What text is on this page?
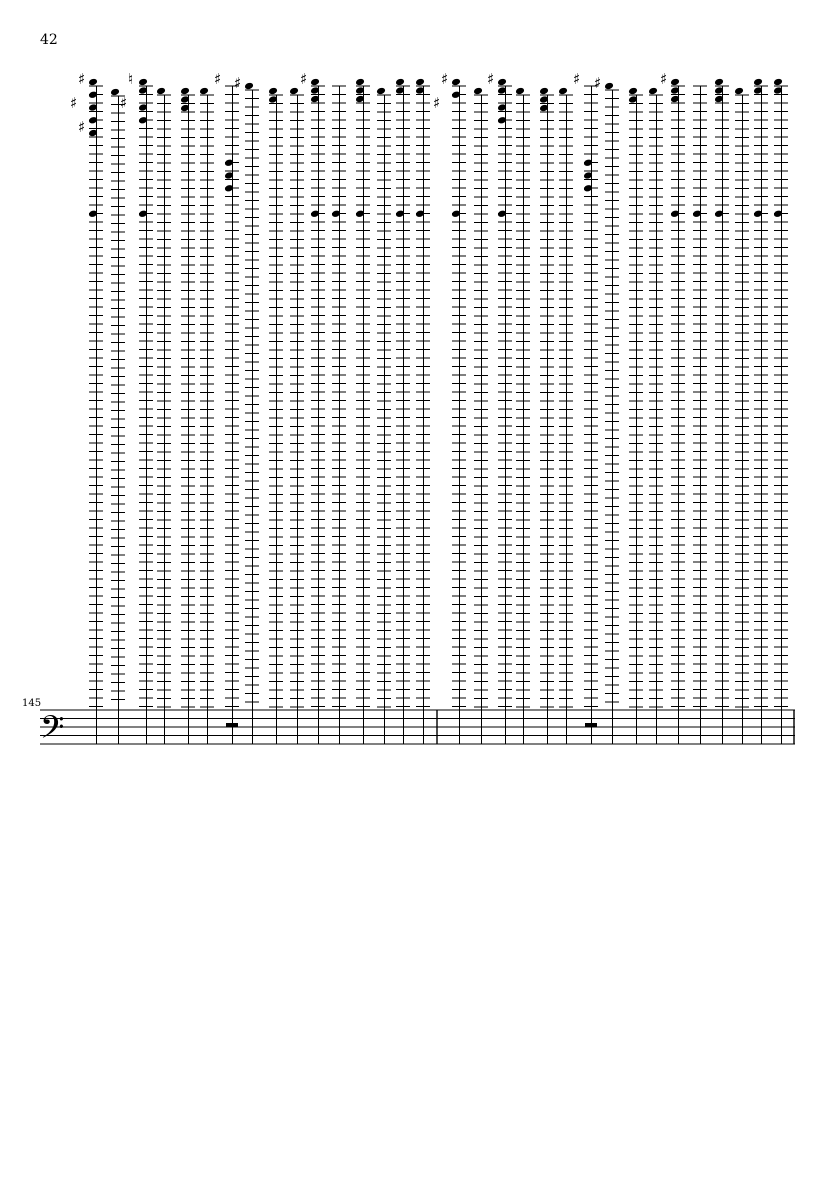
42
145
𝄢
♯
♯
♯
♮
♯
♯ ♯	♯	♯
♯
♯	♯ ♯	♯
